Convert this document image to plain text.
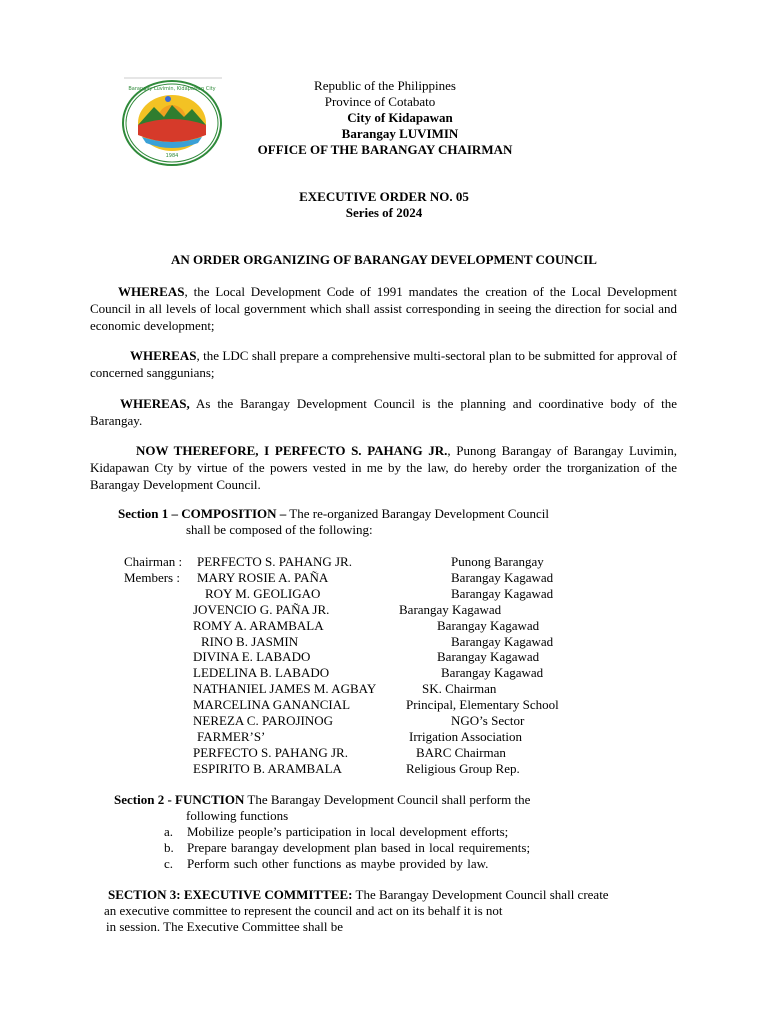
Barangay Luvimin, Kidapawan City
1984
Republic of the Philippines
Province of Cotabato
City of Kidapawan
Barangay LUVIMIN
OFFICE OF THE BARANGAY CHAIRMAN
EXECUTIVE ORDER NO. 05
Series of 2024
AN ORDER ORGANIZING OF BARANGAY DEVELOPMENT COUNCIL
WHEREAS, the Local Development Code of 1991 mandates the creation of the Local Development Council in all levels of local government which shall assist corresponding in seeing the direction for social and economic development;
WHEREAS, the LDC shall prepare a comprehensive multi-sectoral plan to be submitted for approval of concerned sanggunians;
WHEREAS, As the Barangay Development Council is the planning and coordinative body of the Barangay.
NOW THEREFORE, I PERFECTO S. PAHANG JR., Punong Barangay of Barangay Luvimin, Kidapawan Cty by virtue of the powers vested in me by the law, do hereby order the trorganization of the Barangay Development Council.
Section 1 – COMPOSITION – The re-organized Barangay Development Council
shall be composed of the following:
Chairman : PERFECTO S. PAHANG JR.	Punong Barangay
Members : MARY ROSIE A. PAÑA	Barangay Kagawad
ROY M. GEOLIGAO	Barangay Kagawad
JOVENCIO G. PAÑA JR.	Barangay Kagawad
ROMY A. ARAMBALA	Barangay Kagawad
RINO B. JASMIN	Barangay Kagawad
DIVINA E. LABADO	Barangay Kagawad
LEDELINA B. LABADO	Barangay Kagawad
NATHANIEL JAMES M. AGBAY	SK. Chairman
MARCELINA GANANCIAL	Principal, Elementary School
NEREZA C. PAROJINOG	NGO’s Sector
FARMER’S’	Irrigation Association
PERFECTO S. PAHANG JR.	BARC Chairman
ESPIRITO B. ARAMBALA	Religious Group Rep.
Section 2 - FUNCTION The Barangay Development Council shall perform the
following functions
a. Mobilize people’s participation in local development efforts;
b. Prepare barangay development plan based in local requirements;
c. Perform such other functions as maybe provided by law.
SECTION 3: EXECUTIVE COMMITTEE: The Barangay Development Council shall create
an executive committee to represent the council and act on its behalf it is not
in session. The Executive Committee shall be
